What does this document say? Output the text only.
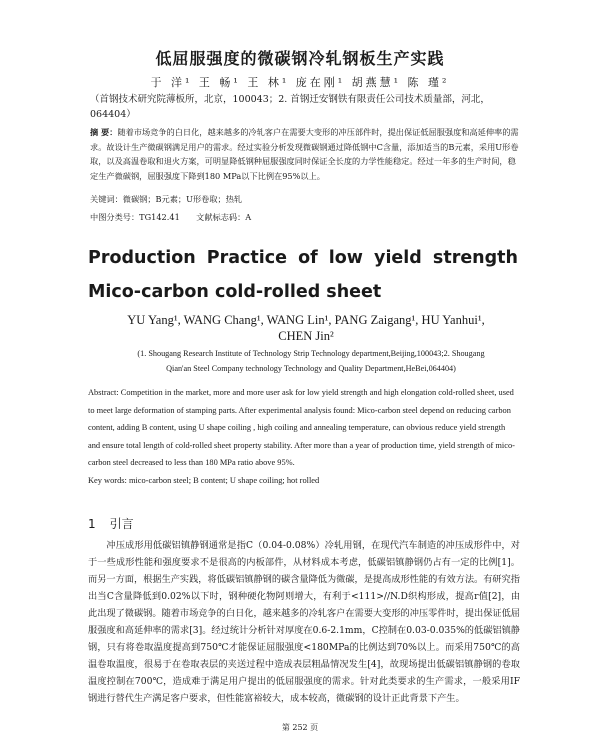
低屈服强度的微碳钢冷轧钢板生产实践
于 洋¹ 王 畅¹ 王 林¹ 庞在刚¹ 胡燕慧¹ 陈 瑾²
（首钢技术研究院薄板所，北京，100043；2. 首钢迁安钢铁有限责任公司技术质量部，河北，064404）
摘 要：随着市场竞争的白日化，越来越多的冷轧客户在需要大变形的冲压部件时，提出保证低屈服强度和高延伸率的需求。故设计生产微碳钢满足用户的需求。经过实验分析发现微碳钢通过降低钢中C含量，添加适当的B元素，采用U形卷取，以及高温卷取和退火方案，可明显降低钢种屈服强度同时保证全长度的力学性能稳定。经过一年多的生产时间，稳定生产微碳钢，屈服强度下降到180 MPa以下比例在95%以上。
关键词：微碳钢；B元素；U形卷取；热轧
中图分类号：TG142.41　　文献标志码：A
Production Practice of low yield strength
Mico-carbon cold-rolled sheet
YU Yang¹, WANG Chang¹, WANG Lin¹, PANG Zaigang¹, HU Yanhui¹,
CHEN Jin²
(1. Shougang Research Institute of Technology Strip Technology department,Beijing,100043;2. Shougang
Qian'an Steel Company technology Technology and Quality Department,HeBei,064404)
Abstract: Competition in the market, more and more user ask for low yield strength and high elongation cold-rolled sheet, used to meet large deformation of stamping parts. After experimental analysis found: Mico-carbon steel depend on reducing carbon content, adding B content, using U shape coiling , high coiling and annealing temperature, can obvious reduce yield strength and ensure total length of cold-rolled sheet property stability. After more than a year of production time, yield strength of mico-carbon steel decreased to less than 180 MPa ratio above 95%.
Key words: mico-carbon steel; B content; U shape coiling; hot rolled
1 引言
冲压成形用低碳铝镇静钢通常是指C（0.04-0.08%）冷轧用钢，在现代汽车制造的冲压成形件中，对于一些成形性能和强度要求不是很高的内板部件，从材料成本考虑，低碳铝镇静钢仍占有一定的比例[1]。而另一方面，根据生产实践，将低碳铝镇静钢的碳含量降低为微碳，是提高成形性能的有效方法。有研究指出当C含量降低到0.02%以下时，钢种硬化物阿则增大，有利于<111>//N.D织构形成，提高r值[2]，由此出现了微碳钢。随着市场竞争的白日化，越来越多的冷轧客户在需要大变形的冲压零件时，提出保证低屈服强度和高延伸率的需求[3]。经过统计分析针对厚度在0.6-2.1mm，C控制在0.03-0.035%的低碳铝镇静钢，只有将卷取温度提高到750℃才能保证屈服强度<180MPa的比例达到70%以上。而采用750℃的高温卷取温度，很易于在卷取表层的夹送过程中造成表层粗晶情况发生[4]，故现场提出低碳铝镇静钢的卷取温度控制在700℃，造成难于满足用户提出的低屈服强度的需求。针对此类要求的生产需求，一般采用IF钢进行替代生产满足客户要求，但性能富裕较大，成本较高，微碳钢的设计正此背景下产生。
第 252 页
